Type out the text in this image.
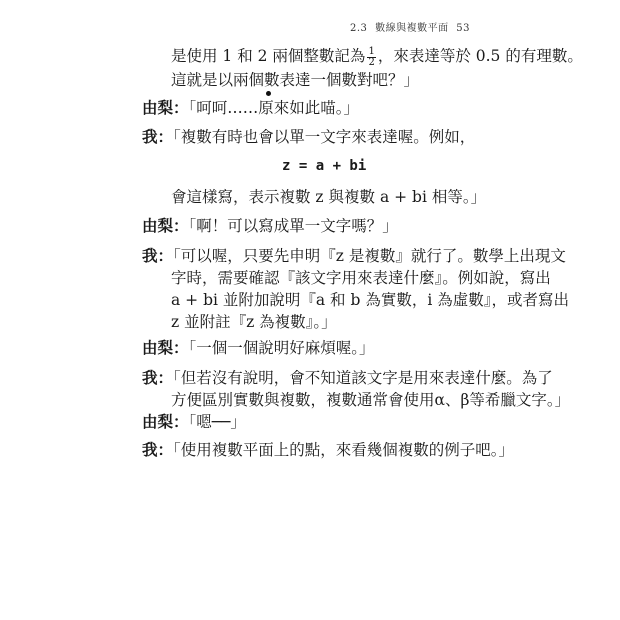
2.3 數線與複數平面 53
是使用 1 和 2 兩個整數記為 $\frac{1}{2}$ ，來表達等於 0.5 的有理數。
這就是以兩個數表達一個數對吧？」
由梨：「呵呵……原來如此喵。」
我：「複數有時也會以單一文字來表達喔。例如，
z = a + bi
會這樣寫，表示複數 z 與複數 a + bi 相等。」
由梨：「啊！可以寫成單一文字嗎？」
我：「可以喔，只要先申明『z 是複數』就行了。數學上出現文
字時，需要確認『該文字用來表達什麼』。例如說，寫出
a + bi 並附加說明『a 和 b 為實數，i 為虛數』，或者寫出
z 並附註『z 為複數』。」
由梨：「一個一個說明好麻煩喔。」
我：「但若沒有說明，會不知道該文字是用來表達什麼。為了
方便區別實數與複數，複數通常會使用α、β等希臘文字。」
由梨：「嗯──」
我：「使用複數平面上的點，來看幾個複數的例子吧。」
